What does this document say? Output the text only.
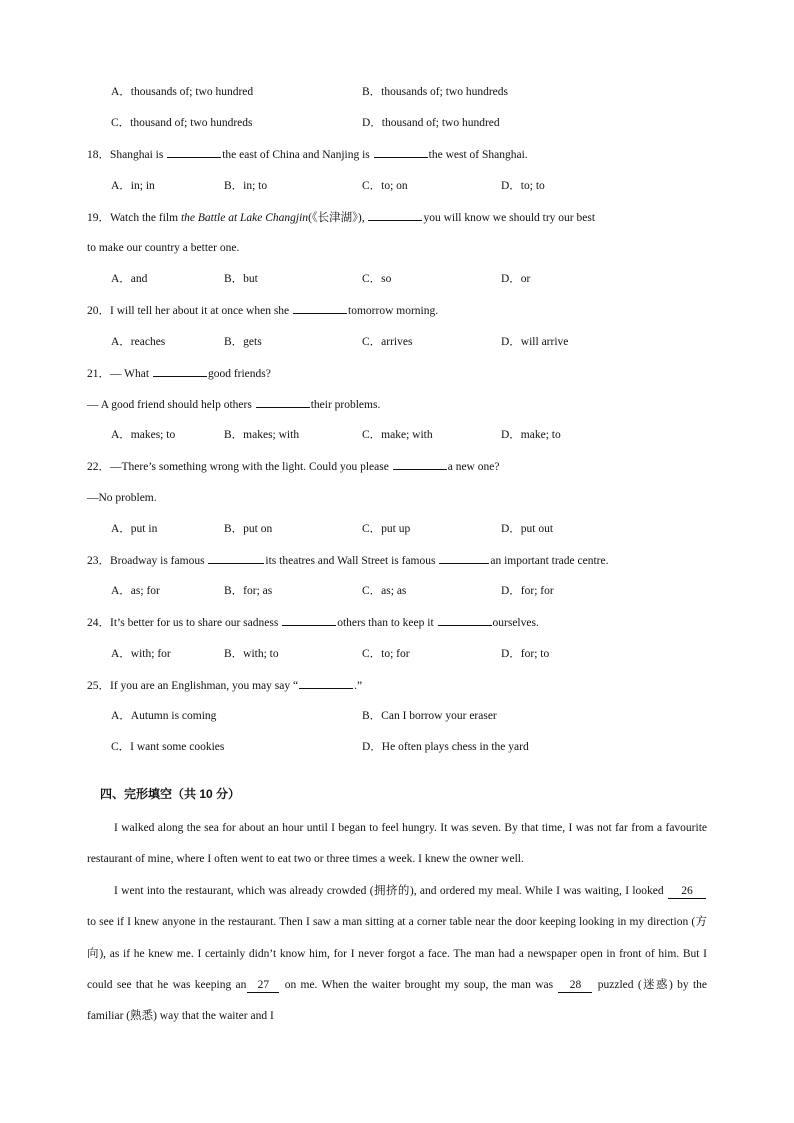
A．thousands of; two hundred	B．thousands of; two hundreds
C．thousand of; two hundreds	D．thousand of; two hundred
18．Shanghai is	the east of China and Nanjing is	the west of Shanghai.
A．in; in	B．in; to	C．to; on	D．to; to
19．Watch the film the Battle at Lake Changjin(《长津湖》),	you will know we should try our best
to make our country a better one.
A．and	B．but	C．so	D．or
20．I will tell her about it at once when she	tomorrow morning.
A．reaches	B．gets	C．arrives	D．will arrive
21．— What	good friends?
— A good friend should help others	their problems.
A．makes; to	B．makes; with	C．make; with	D．make; to
22．—There’s something wrong with the light. Could you please	a new one?
—No problem.
A．put in	B．put on	C．put up	D．put out
23．Broadway is famous	its theatres and Wall Street is famous	an important trade centre.
A．as; for	B．for; as	C．as; as	D．for; for
24．It’s better for us to share our sadness	others than to keep it	ourselves.
A．with; for	B．with; to	C．to; for	D．for; to
25．If you are an Englishman, you may say “	.”
A．Autumn is coming	B．Can I borrow your eraser
C．I want some cookies	D．He often plays chess in the yard
四、完形填空（共 10 分）
I walked along the sea for about an hour until I began to feel hungry. It was seven. By that time, I was not far from a favourite restaurant of mine, where I often went to eat two or three times a week. I knew the owner well.
I went into the restaurant, which was already crowded (拥挤的), and ordered my meal. While I was waiting, I looked 26 to see if I knew anyone in the restaurant. Then I saw a man sitting at a corner table near the door keeping looking in my direction (方向), as if he knew me. I certainly didn’t know him, for I never forgot a face. The man had a newspaper open in front of him. But I could see that he was keeping an 27 on me. When the waiter brought my soup, the man was 28 puzzled (迷惑) by the familiar (熟悉) way that the waiter and I
